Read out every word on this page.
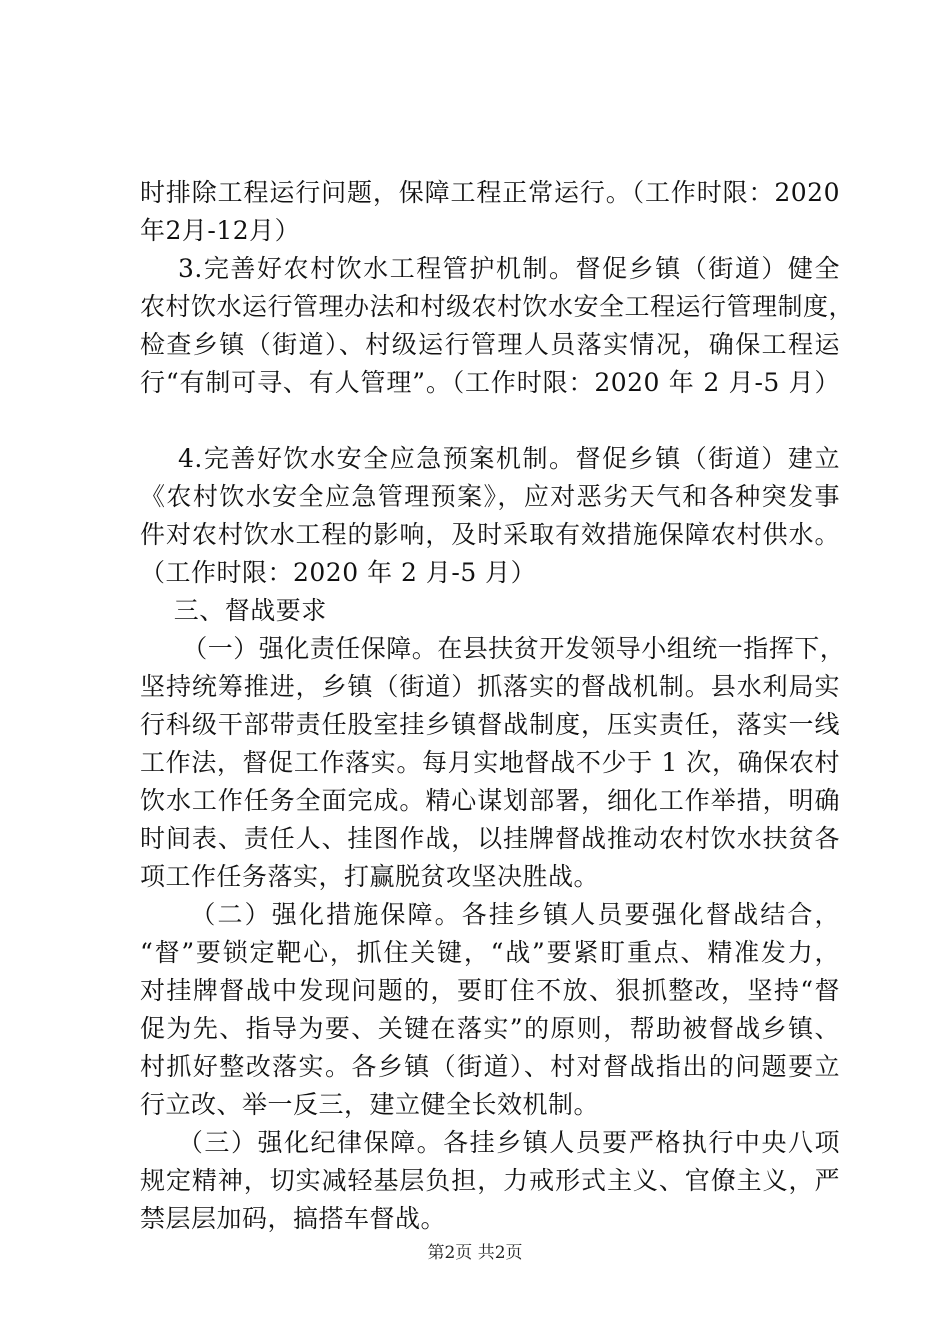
时排除工程运行问题，保障工程正常运行。（工作时限：2020
年2月-12月）
3.完善好农村饮水工程管护机制。督促乡镇（街道）健全
农村饮水运行管理办法和村级农村饮水安全工程运行管理制度，
检查乡镇（街道）、村级运行管理人员落实情况，确保工程运
行“有制可寻、有人管理”。（工作时限：2020 年 2 月-5 月）
4.完善好饮水安全应急预案机制。督促乡镇（街道）建立
《农村饮水安全应急管理预案》，应对恶劣天气和各种突发事
件对农村饮水工程的影响，及时采取有效措施保障农村供水。
（工作时限：2020 年 2 月-5 月）
三、督战要求
（一）强化责任保障。在县扶贫开发领导小组统一指挥下，
坚持统筹推进，乡镇（街道）抓落实的督战机制。县水利局实
行科级干部带责任股室挂乡镇督战制度，压实责任，落实一线
工作法，督促工作落实。每月实地督战不少于 1 次，确保农村
饮水工作任务全面完成。精心谋划部署，细化工作举措，明确
时间表、责任人、挂图作战，以挂牌督战推动农村饮水扶贫各
项工作任务落实，打赢脱贫攻坚决胜战。
（二）强化措施保障。各挂乡镇人员要强化督战结合，
“督”要锁定靶心，抓住关键，“战”要紧盯重点、精准发力，
对挂牌督战中发现问题的，要盯住不放、狠抓整改，坚持“督
促为先、指导为要、关键在落实”的原则，帮助被督战乡镇、
村抓好整改落实。各乡镇（街道）、村对督战指出的问题要立
行立改、举一反三，建立健全长效机制。
（三）强化纪律保障。各挂乡镇人员要严格执行中央八项
规定精神，切实减轻基层负担，力戒形式主义、官僚主义，严
禁层层加码，搞搭车督战。
第2页 共2页
